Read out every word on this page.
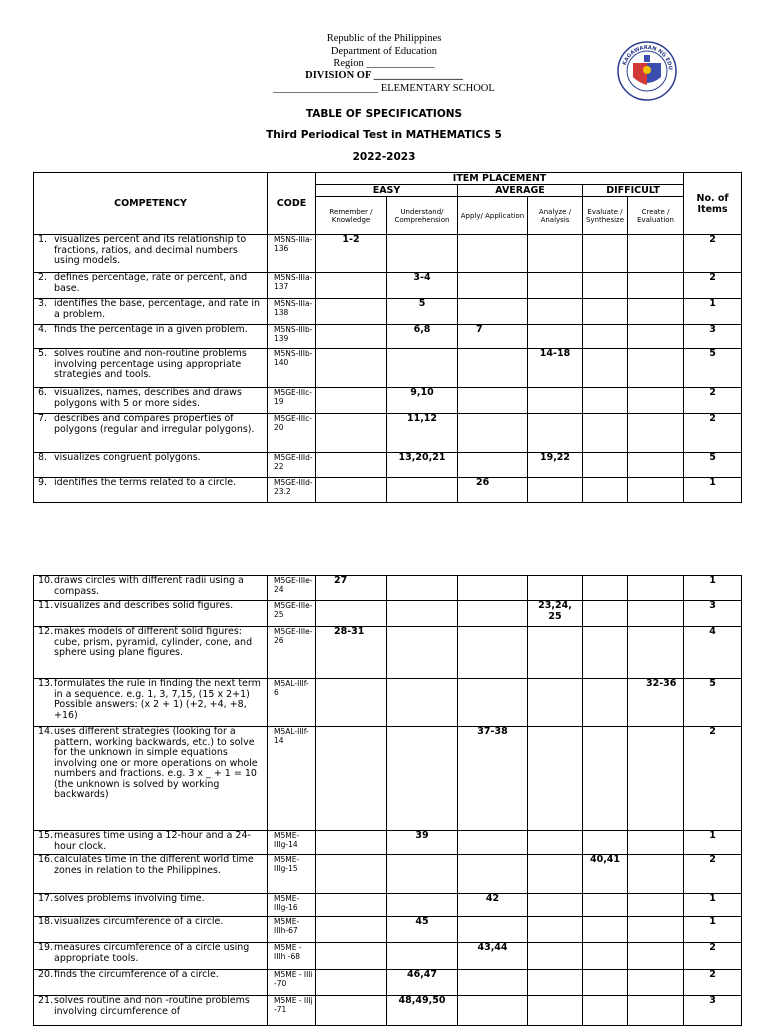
Republic of the Philippines
Department of Education
Region _____________
DIVISION OF _________________
____________________ ELEMENTARY SCHOOL
KAGAWARAN NG EDU
TABLE OF SPECIFICATIONS
Third Periodical Test in MATHEMATICS 5
2022-2023
COMPETENCY	CODE	ITEM PLACEMENT						No. of Items
		EASY		AVERAGE		DIFFICULT		
		Remember / Knowledge	Understand/ Comprehension	Apply/ Application	Analyze / Analysis	Evaluate / Synthesize	Create / Evaluation	
1. visualizes percent and its relationship to fractions, ratios, and decimal numbers using models.	M5NS-IIIa-136	1-2						2
2. defines percentage, rate or percent, and base.	M5NS-IIIa-137		3-4					2
3. identifies the base, percentage, and rate in a problem.	M5NS-IIIa-138		5					1
4. finds the percentage in a given problem.	M5NS-IIIb-139		6,8	7				3
5. solves routine and non-routine problems involving percentage using appropriate strategies and tools.	M5NS-IIIb-140				14-18			5
6. visualizes, names, describes and draws polygons with 5 or more sides.	M5GE-IIIc-19		9,10					2
7. describes and compares properties of polygons (regular and irregular polygons).	M5GE-IIIc-20		11,12					2
8. visualizes congruent polygons.	M5GE-IIId-22		13,20,21		19,22			5
9. identifies the terms related to a circle.	M5GE-IIId-23.2			26				1
10. draws circles with different radii using a compass.	M5GE-IIIe-24	27						1
11. visualizes and describes solid figures.	M5GE-IIIe-25				23,24, 25			3
12. makes models of different solid figures: cube, prism, pyramid, cylinder, cone, and sphere using plane figures.	M5GE-IIIe-26	28-31						4
13. formulates the rule in finding the next term in a sequence. e.g. 1, 3, 7,15, (15 x 2+1) Possible answers: (x 2 + 1) (+2, +4, +8, +16)	M5AL-IIIf-6						32-36	5
14. uses different strategies (looking for a pattern, working backwards, etc.) to solve for the unknown in simple equations involving one or more operations on whole numbers and fractions. e.g. 3 x _ + 1 = 10 (the unknown is solved by working backwards)	M5AL-IIIf-14			37-38				2
15. measures time using a 12-hour and a 24-hour clock.	M5ME-IIIg-14		39					1
16. calculates time in the different world time zones in relation to the Philippines.	M5ME-IIIg-15					40,41		2
17. solves problems involving time.	M5ME-IIIg-16			42				1
18. visualizes circumference of a circle.	M5ME-IIIh-67		45					1
19. measures circumference of a circle using appropriate tools.	M5ME - IIIh -68			43,44				2
20. finds the circumference of a circle.	M5ME - IIIi -70		46,47					2
21. solves routine and non -routine problems involving circumference of	M5ME - IIIj -71		48,49,50					3
